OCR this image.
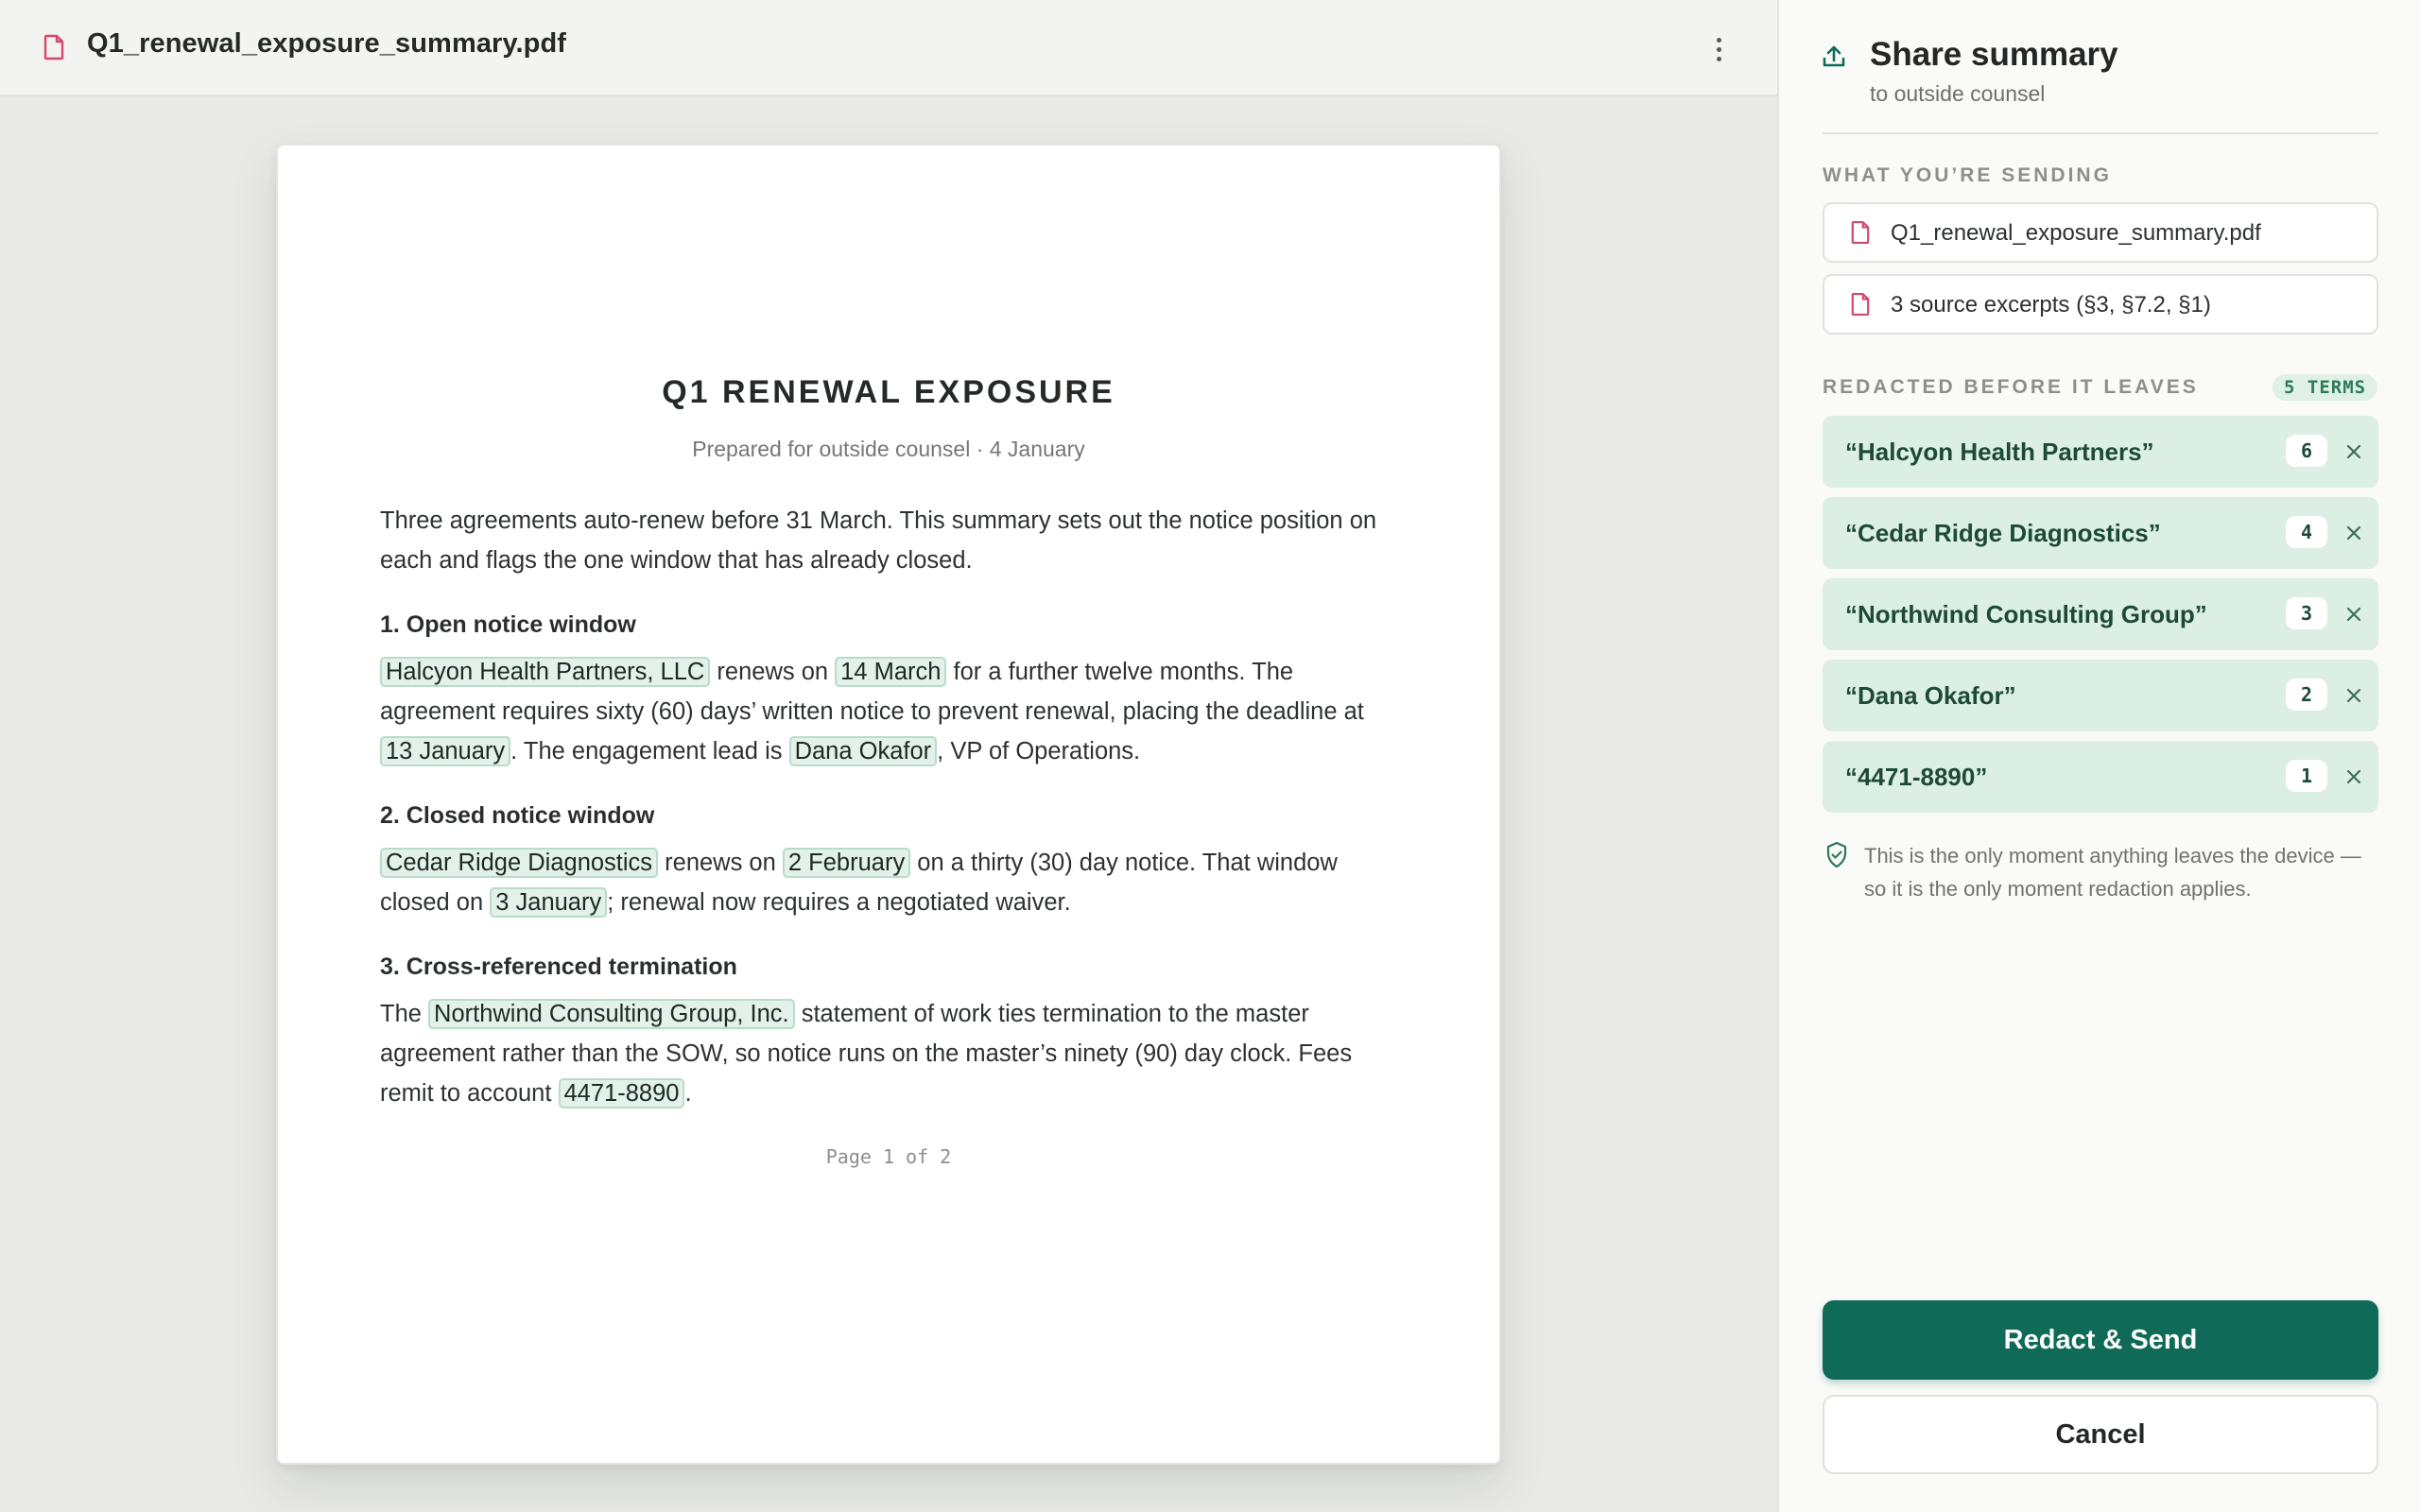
Q1_renewal_exposure_summary.pdf
Q1 RENEWAL EXPOSURE
Prepared for outside counsel · 4 January

Three agreements auto-renew before 31 March. This summary sets out the notice position on each and flags the one window that has already closed.

1. Open notice window

Halcyon Health Partners, LLC renews on 14 March for a further twelve months. The agreement requires sixty (60) days’ written notice to prevent renewal, placing the deadline at 13 January . The engagement lead is Dana Okafor , VP of Operations.

2. Closed notice window

Cedar Ridge Diagnostics renews on 2 February on a thirty (30) day notice. That window closed on 3 January ; renewal now requires a negotiated waiver.

3. Cross-referenced termination

The Northwind Consulting Group, Inc. statement of work ties termination to the master agreement rather than the SOW, so notice runs on the master’s ninety (90) day clock. Fees remit to account 4471-8890 .

Page 1 of 2
Share summary
to outside counsel
WHAT YOU’RE SENDING
Q1_renewal_exposure_summary.pdf
3 source excerpts (§3, §7.2, §1)
REDACTED BEFORE IT LEAVES	5 TERMS
“Halcyon Health Partners”	6
“Cedar Ridge Diagnostics”	4
“Northwind Consulting Group”	3
“Dana Okafor”	2
“4471-8890”	1
This is the only moment anything leaves the device — so it is the only moment redaction applies.
Redact & Send
Cancel
